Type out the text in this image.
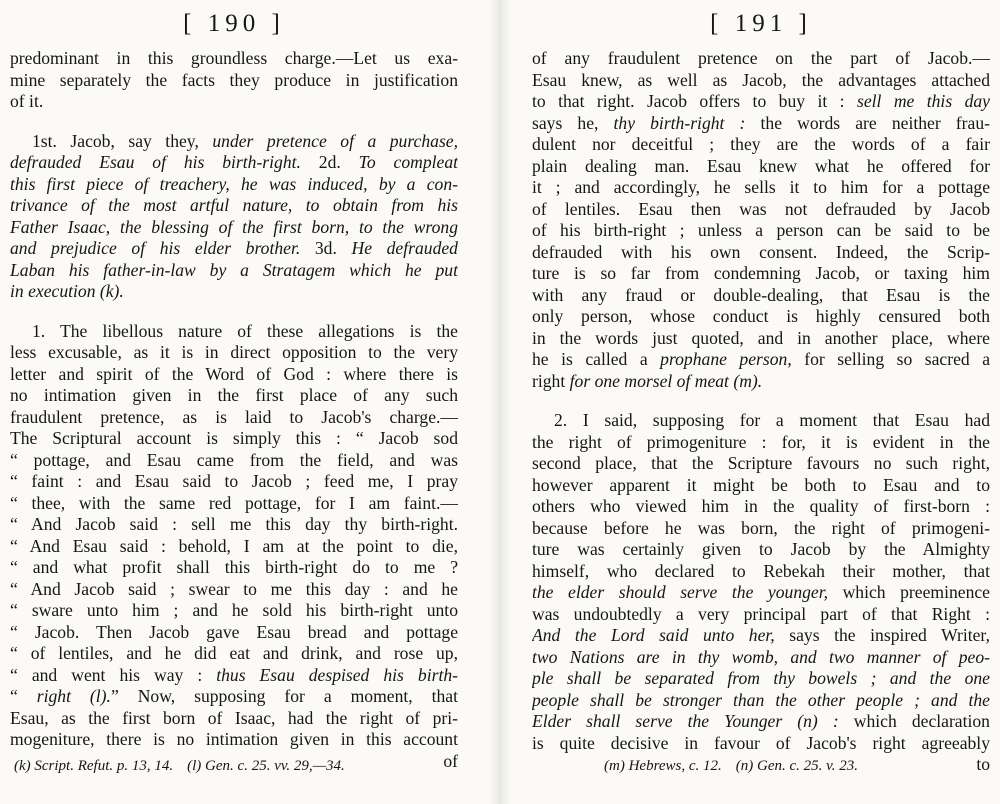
[ 190 ]
predominant in this groundless charge.—Let us exa-
mine separately the facts they produce in justification
of it.
1st. Jacob, say they, under pretence of a purchase,
defrauded Esau of his birth-right. 2d. To compleat
this first piece of treachery, he was induced, by a con-
trivance of the most artful nature, to obtain from his
Father Isaac, the blessing of the first born, to the wrong
and prejudice of his elder brother. 3d. He defrauded
Laban his father-in-law by a Stratagem which he put
in execution (k).
1. The libellous nature of these allegations is the
less excusable, as it is in direct opposition to the very
letter and spirit of the Word of God : where there is
no intimation given in the first place of any such
fraudulent pretence, as is laid to Jacob's charge.—
The Scriptural account is simply this : “ Jacob sod
“ pottage, and Esau came from the field, and was
“ faint : and Esau said to Jacob ; feed me, I pray
“ thee, with the same red pottage, for I am faint.—
“ And Jacob said : sell me this day thy birth-right.
“ And Esau said : behold, I am at the point to die,
“ and what profit shall this birth-right do to me ?
“ And Jacob said ; swear to me this day : and he
“ sware unto him ; and he sold his birth-right unto
“ Jacob. Then Jacob gave Esau bread and pottage
“ of lentiles, and he did eat and drink, and rose up,
“ and went his way : thus Esau despised his birth-
“ right (l).” Now, supposing for a moment, that
Esau, as the first born of Isaac, had the right of pri-
mogeniture, there is no intimation given in this account
of
(k) Script. Refut. p. 13, 14. (l) Gen. c. 25. vv. 29,—34.
[ 191 ]
of any fraudulent pretence on the part of Jacob.—
Esau knew, as well as Jacob, the advantages attached
to that right. Jacob offers to buy it : sell me this day
says he, thy birth-right : the words are neither frau-
dulent nor deceitful ; they are the words of a fair
plain dealing man. Esau knew what he offered for
it ; and accordingly, he sells it to him for a pottage
of lentiles. Esau then was not defrauded by Jacob
of his birth-right ; unless a person can be said to be
defrauded with his own consent. Indeed, the Scrip-
ture is so far from condemning Jacob, or taxing him
with any fraud or double-dealing, that Esau is the
only person, whose conduct is highly censured both
in the words just quoted, and in another place, where
he is called a prophane person, for selling so sacred a
right for one morsel of meat (m).
2. I said, supposing for a moment that Esau had
the right of primogeniture : for, it is evident in the
second place, that the Scripture favours no such right,
however apparent it might be both to Esau and to
others who viewed him in the quality of first-born :
because before he was born, the right of primogeni-
ture was certainly given to Jacob by the Almighty
himself, who declared to Rebekah their mother, that
the elder should serve the younger, which preeminence
was undoubtedly a very principal part of that Right :
And the Lord said unto her, says the inspired Writer,
two Nations are in thy womb, and two manner of peo-
ple shall be separated from thy bowels ; and the one
people shall be stronger than the other people ; and the
Elder shall serve the Younger (n) : which declaration
is quite decisive in favour of Jacob's right agreeably
to
(m) Hebrews, c. 12. (n) Gen. c. 25. v. 23.
